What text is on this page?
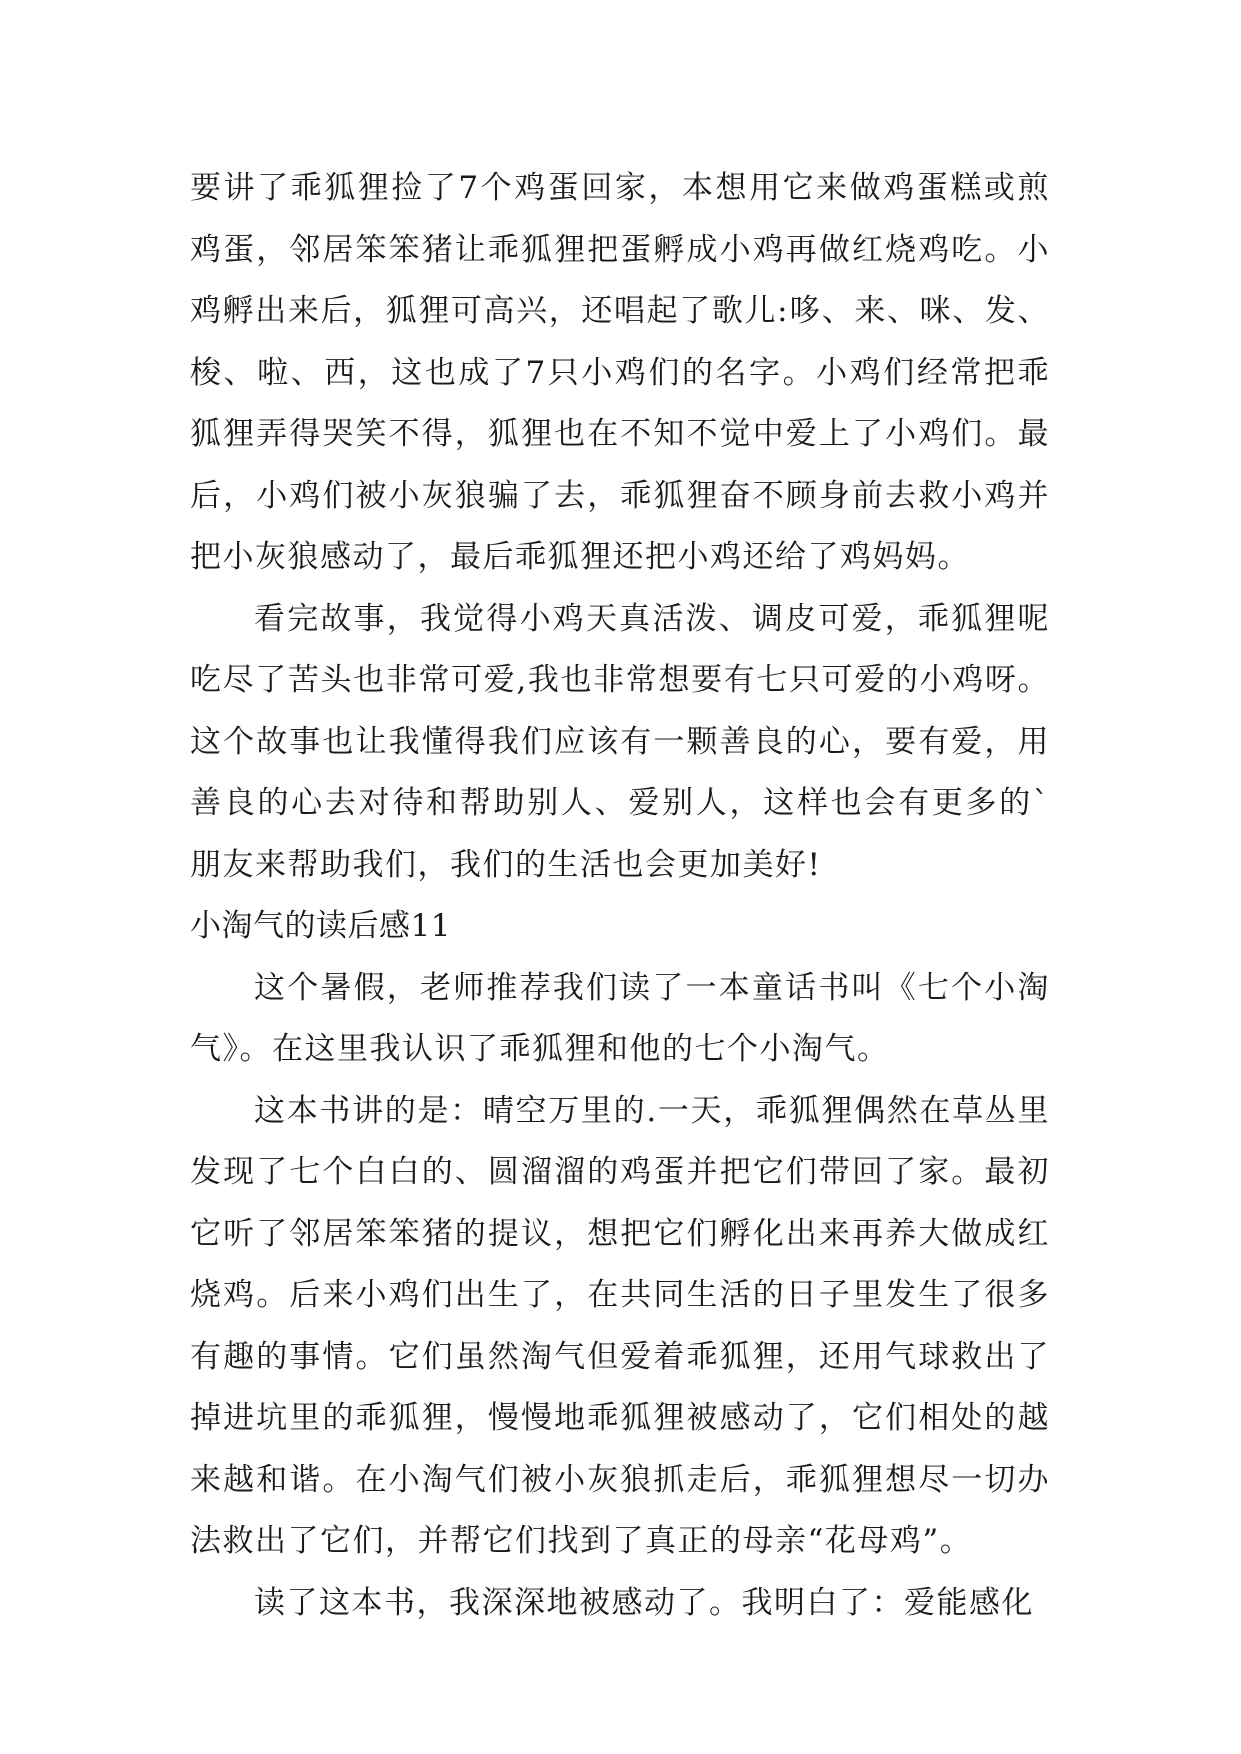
要讲了乖狐狸捡了7个鸡蛋回家，本想用它来做鸡蛋糕或煎鸡蛋，邻居笨笨猪让乖狐狸把蛋孵成小鸡再做红烧鸡吃。小鸡孵出来后，狐狸可高兴，还唱起了歌儿:哆、来、咪、发、梭、啦、西，这也成了7只小鸡们的名字。小鸡们经常把乖狐狸弄得哭笑不得，狐狸也在不知不觉中爱上了小鸡们。最后，小鸡们被小灰狼骗了去，乖狐狸奋不顾身前去救小鸡并把小灰狼感动了，最后乖狐狸还把小鸡还给了鸡妈妈。

看完故事，我觉得小鸡天真活泼、调皮可爱，乖狐狸呢吃尽了苦头也非常可爱,我也非常想要有七只可爱的小鸡呀。这个故事也让我懂得我们应该有一颗善良的心，要有爱，用善良的心去对待和帮助别人、爱别人，这样也会有更多的`朋友来帮助我们，我们的生活也会更加美好!

小淘气的读后感11

这个暑假，老师推荐我们读了一本童话书叫《七个小淘气》。在这里我认识了乖狐狸和他的七个小淘气。

这本书讲的是：晴空万里的.一天，乖狐狸偶然在草丛里发现了七个白白的、圆溜溜的鸡蛋并把它们带回了家。最初它听了邻居笨笨猪的提议，想把它们孵化出来再养大做成红烧鸡。后来小鸡们出生了，在共同生活的日子里发生了很多有趣的事情。它们虽然淘气但爱着乖狐狸，还用气球救出了掉进坑里的乖狐狸，慢慢地乖狐狸被感动了，它们相处的越来越和谐。在小淘气们被小灰狼抓走后，乖狐狸想尽一切办法救出了它们，并帮它们找到了真正的母亲“花母鸡”。

读了这本书，我深深地被感动了。我明白了：爱能感化
